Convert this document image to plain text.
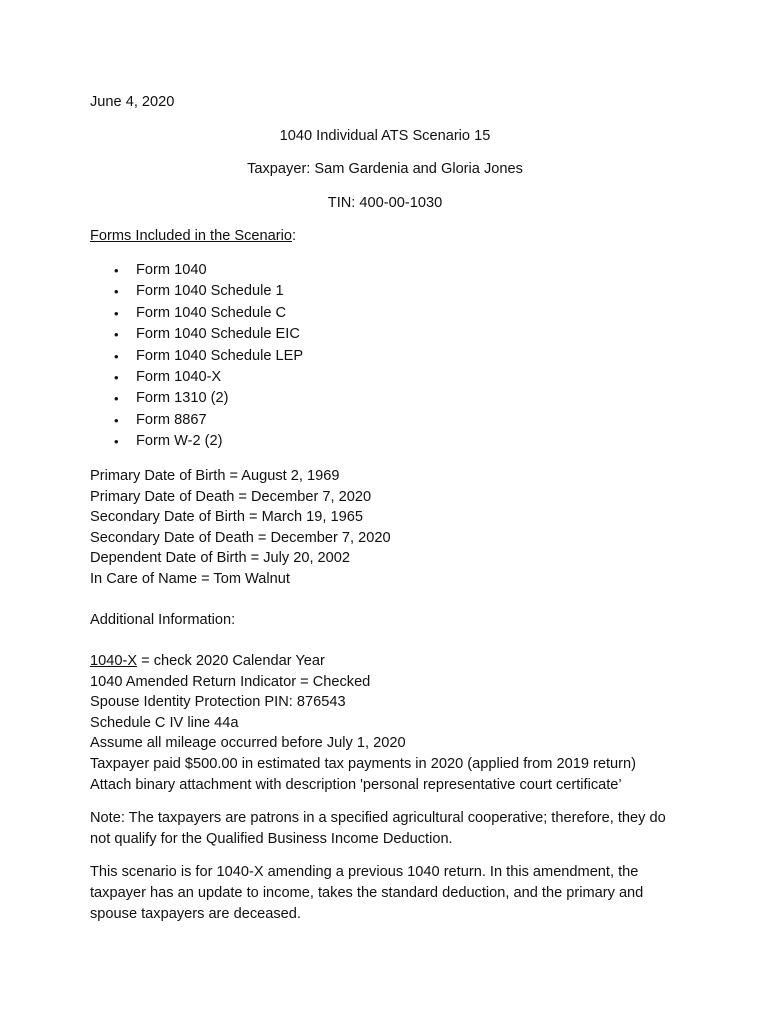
June 4, 2020
1040 Individual ATS Scenario 15
Taxpayer: Sam Gardenia and Gloria Jones
TIN: 400-00-1030
Forms Included in the Scenario:
• Form 1040
• Form 1040 Schedule 1
• Form 1040 Schedule C
• Form 1040 Schedule EIC
• Form 1040 Schedule LEP
• Form 1040-X
• Form 1310 (2)
• Form 8867
• Form W-2 (2)
Primary Date of Birth = August 2, 1969
Primary Date of Death = December 7, 2020
Secondary Date of Birth = March 19, 1965
Secondary Date of Death = December 7, 2020
Dependent Date of Birth = July 20, 2002
In Care of Name = Tom Walnut
Additional Information:
1040-X = check 2020 Calendar Year
1040 Amended Return Indicator = Checked
Spouse Identity Protection PIN: 876543
Schedule C IV line 44a
Assume all mileage occurred before July 1, 2020
Taxpayer paid $500.00 in estimated tax payments in 2020 (applied from 2019 return)
Attach binary attachment with description 'personal representative court certificate’
Note: The taxpayers are patrons in a specified agricultural cooperative; therefore, they do not qualify for the Qualified Business Income Deduction.
This scenario is for 1040-X amending a previous 1040 return. In this amendment, the taxpayer has an update to income, takes the standard deduction, and the primary and spouse taxpayers are deceased.
